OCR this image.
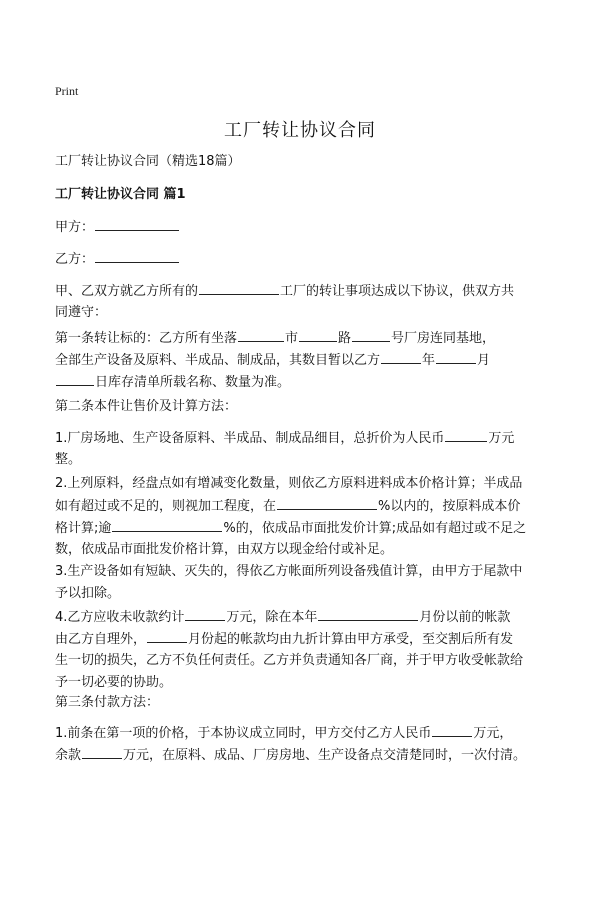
Print
工厂转让协议合同
工厂转让协议合同（精选18篇）
工厂转让协议合同 篇1
甲方：
乙方：
甲、乙双方就乙方所有的	工厂的转让事项达成以下协议，供双方共
同遵守：
第一条转让标的：乙方所有坐落	市	路	号厂房连同基地，
全部生产设备及原料、半成品、制成品，其数目暂以乙方	年	月
日库存清单所载名称、数量为准。
第二条本件让售价及计算方法：
1.厂房场地、生产设备原料、半成品、制成品细目，总折价为人民币	万元
整。
2.上列原料，经盘点如有增减变化数量，则依乙方原料进料成本价格计算；半成品
如有超过或不足的，则视加工程度，在	%以内的，按原料成本价
格计算;逾	%的，依成品市面批发价计算;成品如有超过或不足之
数，依成品市面批发价格计算，由双方以现金给付或补足。
3.生产设备如有短缺、灭失的，得依乙方帐面所列设备残值计算，由甲方于尾款中
予以扣除。
4.乙方应收未收款约计	万元，除在本年	月份以前的帐款
由乙方自理外，	月份起的帐款均由九折计算由甲方承受，至交割后所有发
生一切的损失，乙方不负任何责任。乙方并负责通知各厂商，并于甲方收受帐款给
予一切必要的协助。
第三条付款方法：
1.前条在第一项的价格，于本协议成立同时，甲方交付乙方人民币	万元，
余款	万元，在原料、成品、厂房房地、生产设备点交清楚同时，一次付清。
